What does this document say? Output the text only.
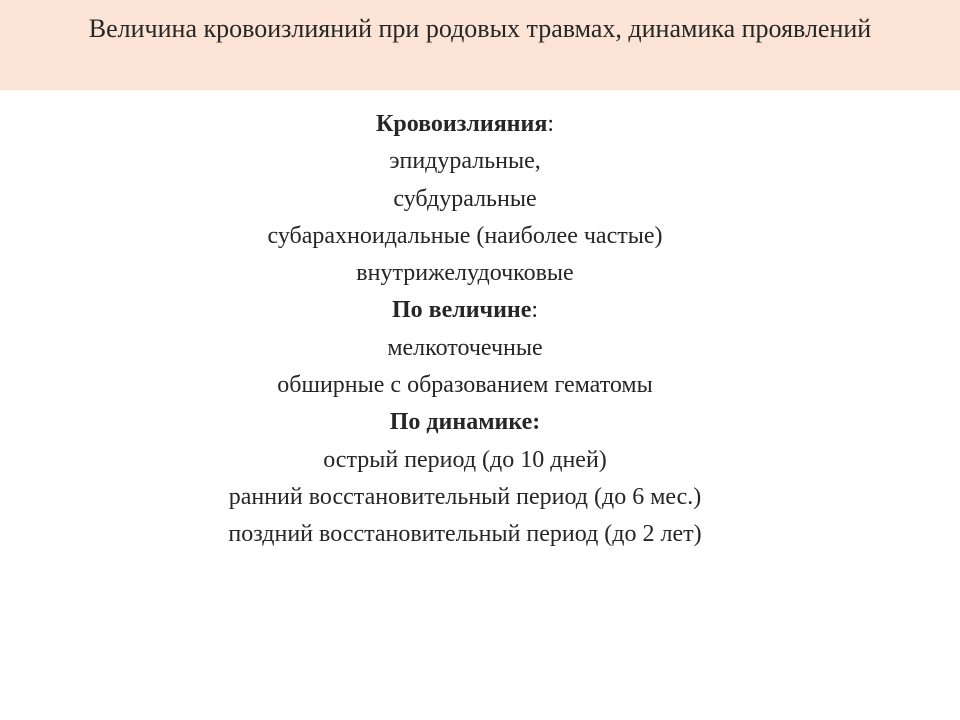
Величина кровоизлияний при родовых травмах, динамика проявлений
Кровоизлияния:
эпидуральные,
субдуральные
субарахноидальные (наиболее частые)
внутрижелудочковые
По величине:
мелкоточечные
обширные с образованием гематомы
По динамике:
острый период (до 10 дней)
ранний восстановительный период (до 6 мес.)
поздний восстановительный период (до 2 лет)
